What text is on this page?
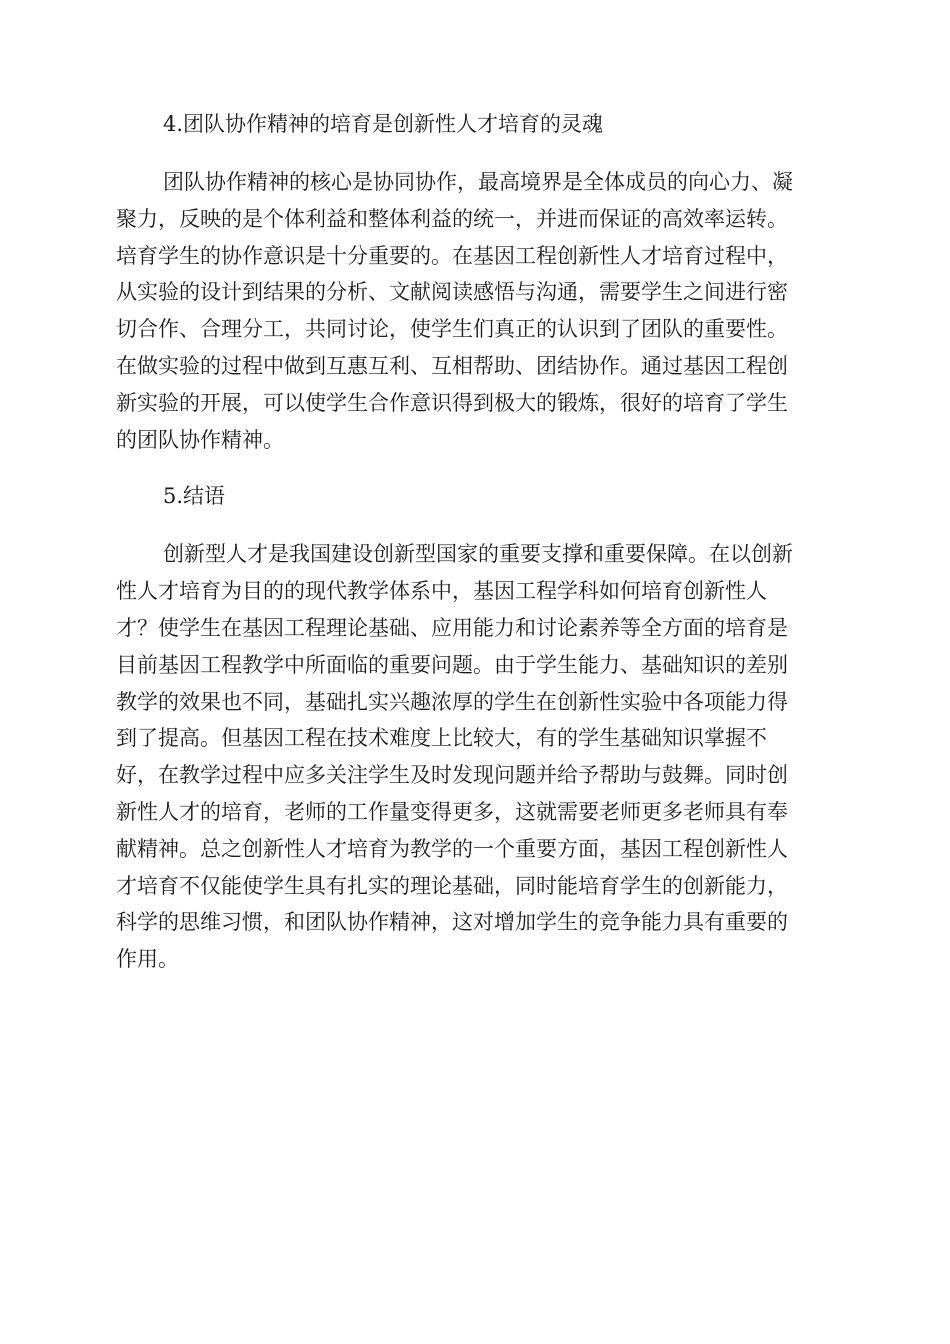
4.团队协作精神的培育是创新性人才培育的灵魂
团队协作精神的核心是协同协作，最高境界是全体成员的向心力、凝
聚力，反映的是个体利益和整体利益的统一，并进而保证的高效率运转。
培育学生的协作意识是十分重要的。在基因工程创新性人才培育过程中，
从实验的设计到结果的分析、文献阅读感悟与沟通，需要学生之间进行密
切合作、合理分工，共同讨论，使学生们真正的认识到了团队的重要性。
在做实验的过程中做到互惠互利、互相帮助、团结协作。通过基因工程创
新实验的开展，可以使学生合作意识得到极大的锻炼，很好的培育了学生
的团队协作精神。
5.结语
创新型人才是我国建设创新型国家的重要支撑和重要保障。在以创新
性人才培育为目的的现代教学体系中，基因工程学科如何培育创新性人
才？使学生在基因工程理论基础、应用能力和讨论素养等全方面的培育是
目前基因工程教学中所面临的重要问题。由于学生能力、基础知识的差别
教学的效果也不同，基础扎实兴趣浓厚的学生在创新性实验中各项能力得
到了提高。但基因工程在技术难度上比较大，有的学生基础知识掌握不
好，在教学过程中应多关注学生及时发现问题并给予帮助与鼓舞。同时创
新性人才的培育，老师的工作量变得更多，这就需要老师更多老师具有奉
献精神。总之创新性人才培育为教学的一个重要方面，基因工程创新性人
才培育不仅能使学生具有扎实的理论基础，同时能培育学生的创新能力，
科学的思维习惯，和团队协作精神，这对增加学生的竞争能力具有重要的
作用。
